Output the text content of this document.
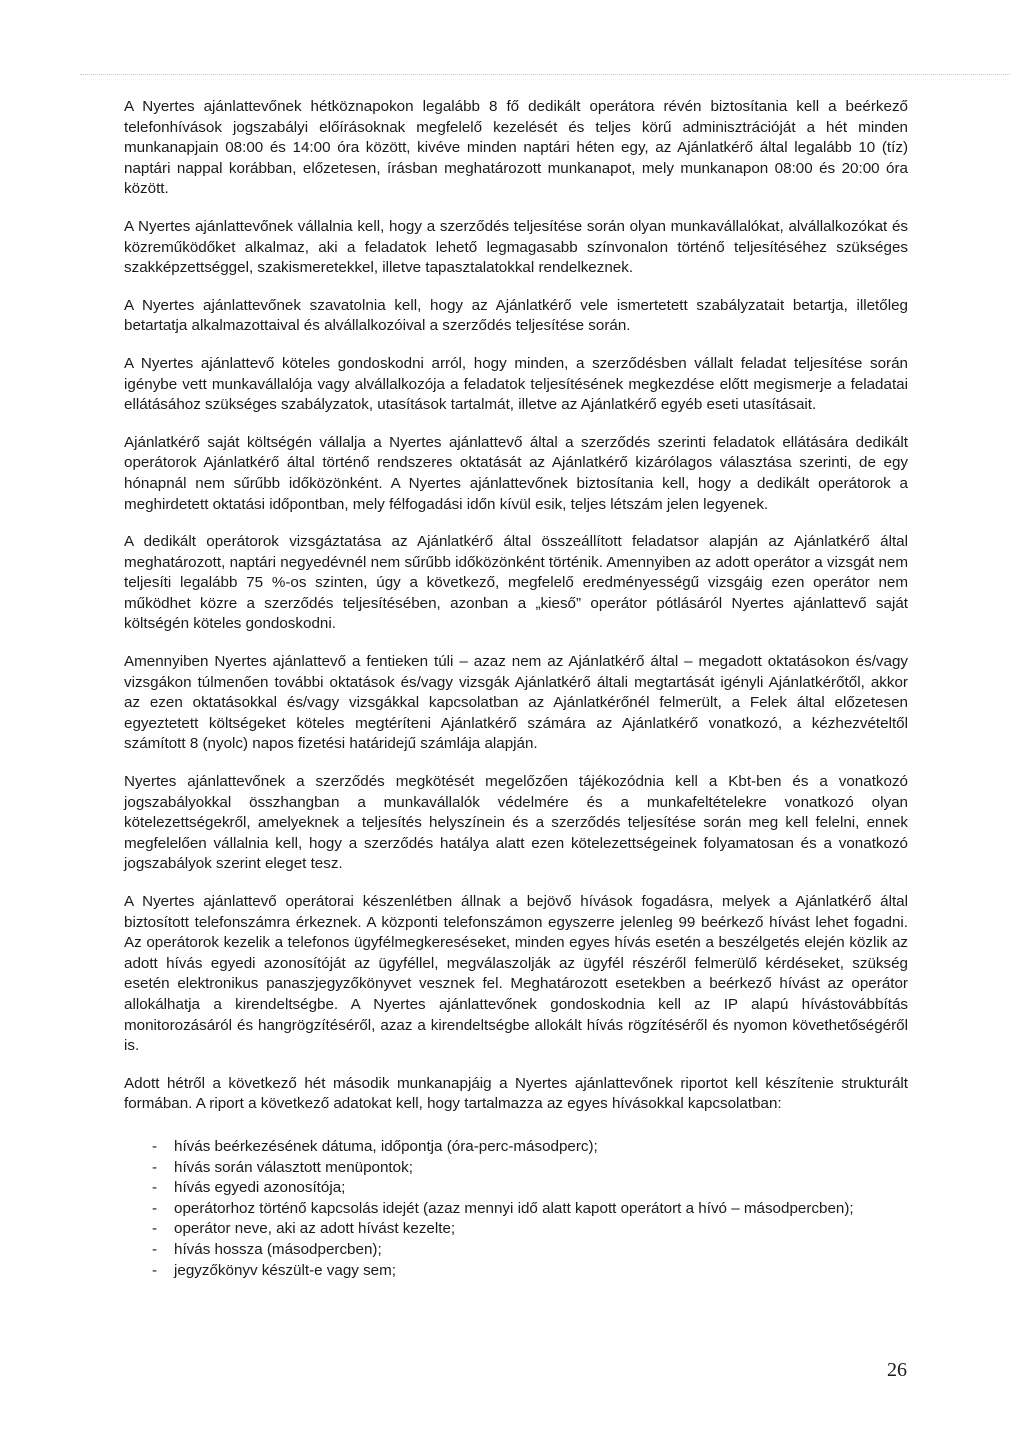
A Nyertes ajánlattevőnek hétköznapokon legalább 8 fő dedikált operátora révén biztosítania kell a beérkező telefonhívások jogszabályi előírásoknak megfelelő kezelését és teljes körű adminisztrációját a hét minden munkanapjain 08:00 és 14:00 óra között, kivéve minden naptári héten egy, az Ajánlatkérő által legalább 10 (tíz) naptári nappal korábban, előzetesen, írásban meghatározott munkanapot, mely munkanapon 08:00 és 20:00 óra között.

A Nyertes ajánlattevőnek vállalnia kell, hogy a szerződés teljesítése során olyan munkavállalókat, alvállalkozókat és közreműködőket alkalmaz, aki a feladatok lehető legmagasabb színvonalon történő teljesítéséhez szükséges szakképzettséggel, szakismeretekkel, illetve tapasztalatokkal rendelkeznek.

A Nyertes ajánlattevőnek szavatolnia kell, hogy az Ajánlatkérő vele ismertetett szabályzatait betartja, illetőleg betartatja alkalmazottaival és alvállalkozóival a szerződés teljesítése során.

A Nyertes ajánlattevő köteles gondoskodni arról, hogy minden, a szerződésben vállalt feladat teljesítése során igénybe vett munkavállalója vagy alvállalkozója a feladatok teljesítésének megkezdése előtt megismerje a feladatai ellátásához szükséges szabályzatok, utasítások tartalmát, illetve az Ajánlatkérő egyéb eseti utasításait.

Ajánlatkérő saját költségén vállalja a Nyertes ajánlattevő által a szerződés szerinti feladatok ellátására dedikált operátorok Ajánlatkérő által történő rendszeres oktatását az Ajánlatkérő kizárólagos választása szerinti, de egy hónapnál nem sűrűbb időközönként. A Nyertes ajánlattevőnek biztosítania kell, hogy a dedikált operátorok a meghirdetett oktatási időpontban, mely félfogadási időn kívül esik, teljes létszám jelen legyenek.

A dedikált operátorok vizsgáztatása az Ajánlatkérő által összeállított feladatsor alapján az Ajánlatkérő által meghatározott, naptári negyedévnél nem sűrűbb időközönként történik. Amennyiben az adott operátor a vizsgát nem teljesíti legalább 75 %-os szinten, úgy a következő, megfelelő eredményességű vizsgáig ezen operátor nem működhet közre a szerződés teljesítésében, azonban a „kieső” operátor pótlásáról Nyertes ajánlattevő saját költségén köteles gondoskodni.

Amennyiben Nyertes ajánlattevő a fentieken túli – azaz nem az Ajánlatkérő által – megadott oktatásokon és/vagy vizsgákon túlmenően további oktatások és/vagy vizsgák Ajánlatkérő általi megtartását igényli Ajánlatkérőtől, akkor az ezen oktatásokkal és/vagy vizsgákkal kapcsolatban az Ajánlatkérőnél felmerült, a Felek által előzetesen egyeztetett költségeket köteles megtéríteni Ajánlatkérő számára az Ajánlatkérő vonatkozó, a kézhezvételtől számított 8 (nyolc) napos fizetési határidejű számlája alapján.

Nyertes ajánlattevőnek a szerződés megkötését megelőzően tájékozódnia kell a Kbt-ben és a vonatkozó jogszabályokkal összhangban a munkavállalók védelmére és a munkafeltételekre vonatkozó olyan kötelezettségekről, amelyeknek a teljesítés helyszínein és a szerződés teljesítése során meg kell felelni, ennek megfelelően vállalnia kell, hogy a szerződés hatálya alatt ezen kötelezettségeinek folyamatosan és a vonatkozó jogszabályok szerint eleget tesz.

A Nyertes ajánlattevő operátorai készenlétben állnak a bejövő hívások fogadásra, melyek a Ajánlatkérő által biztosított telefonszámra érkeznek. A központi telefonszámon egyszerre jelenleg 99 beérkező hívást lehet fogadni. Az operátorok kezelik a telefonos ügyfélmegkereséseket, minden egyes hívás esetén a beszélgetés elején közlik az adott hívás egyedi azonosítóját az ügyféllel, megválaszolják az ügyfél részéről felmerülő kérdéseket, szükség esetén elektronikus panaszjegyzőkönyvet vesznek fel. Meghatározott esetekben a beérkező hívást az operátor allokálhatja a kirendeltségbe. A Nyertes ajánlattevőnek gondoskodnia kell az IP alapú hívástovábbítás monitorozásáról és hangrögzítéséről, azaz a kirendeltségbe allokált hívás rögzítéséről és nyomon követhetőségéről is.

Adott hétről a következő hét második munkanapjáig a Nyertes ajánlattevőnek riportot kell készítenie strukturált formában. A riport a következő adatokat kell, hogy tartalmazza az egyes hívásokkal kapcsolatban:

- hívás beérkezésének dátuma, időpontja (óra-perc-másodperc);
- hívás során választott menüpontok;
- hívás egyedi azonosítója;
- operátorhoz történő kapcsolás idejét (azaz mennyi idő alatt kapott operátort a hívó – másodpercben);
- operátor neve, aki az adott hívást kezelte;
- hívás hossza (másodpercben);
- jegyzőkönyv készült-e vagy sem;
26
